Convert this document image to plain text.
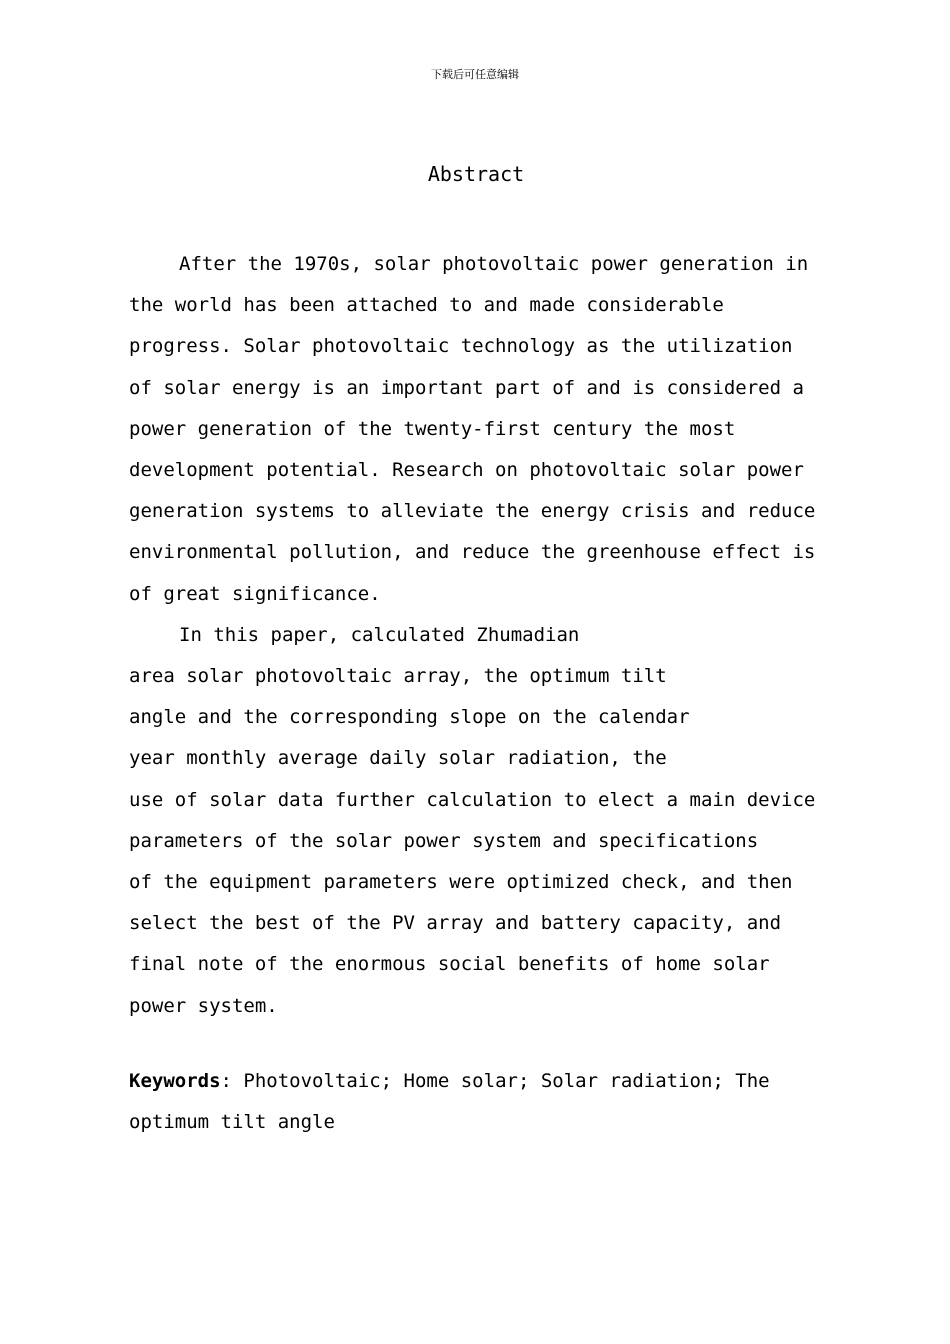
下载后可任意编辑
Abstract

After the 1970s, solar photovoltaic power generation in
the world has been attached to and made considerable
progress. Solar photovoltaic technology as the utilization
of solar energy is an important part of and is considered a
power generation of the twenty-first century the most
development potential. Research on photovoltaic solar power
generation systems to alleviate the energy crisis and reduce
environmental pollution, and reduce the greenhouse effect is
of great significance.

In this paper, calculated Zhumadian
area solar photovoltaic array, the optimum tilt
angle and the corresponding slope on the calendar
year monthly average daily solar radiation, the
use of solar data further calculation to elect a main device
parameters of the solar power system and specifications
of the equipment parameters were optimized check, and then
select the best of the PV array and battery capacity, and
final note of the enormous social benefits of home solar
power system.

Keywords: Photovoltaic; Home solar; Solar radiation; The
optimum tilt angle
